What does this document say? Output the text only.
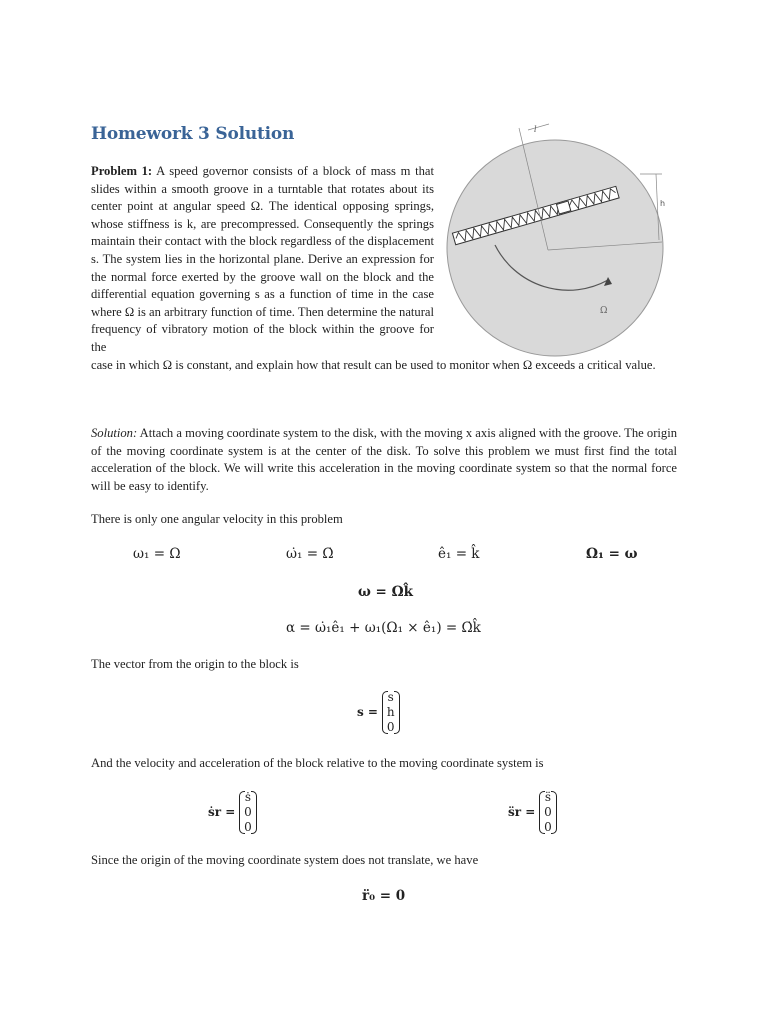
Homework 3 Solution

Problem 1: A speed governor consists of a block of mass m that slides within a smooth groove in a turntable that rotates about its center point at angular speed Ω. The identical opposing springs, whose stiffness is k, are precompressed. Consequently the springs maintain their contact with the block regardless of the displacement s. The system lies in the horizontal plane. Derive an expression for the normal force exerted by the groove wall on the block and the differential equation governing s as a function of time in the case where Ω is an arbitrary function of time. Then determine the natural frequency of vibratory motion of the block within the groove for the

case in which Ω is constant, and explain how that result can be used to monitor when Ω exceeds a critical value.

h
l
Ω

Solution: Attach a moving coordinate system to the disk, with the moving x axis aligned with the groove. The origin of the moving coordinate system is at the center of the disk. To solve this problem we must first find the total acceleration of the block. We will write this acceleration in the moving coordinate system so that the normal force will be easy to identify.

There is only one angular velocity in this problem
ω₁ = Ω	ω̇₁ = Ω̇	ê₁ = k̂	Ω₁ = ω
ω = Ωk̂
α = ω̇₁ê₁ + ω₁(Ω₁ × ê₁) = Ω̇k̂
The vector from the origin to the block is
s =
s
h
0
And the velocity and acceleration of the block relative to the moving coordinate system is
ṡr =
ṡ
0
0
s̈r =
s̈
0
0
Since the origin of the moving coordinate system does not translate, we have
r̈₀ = 0
